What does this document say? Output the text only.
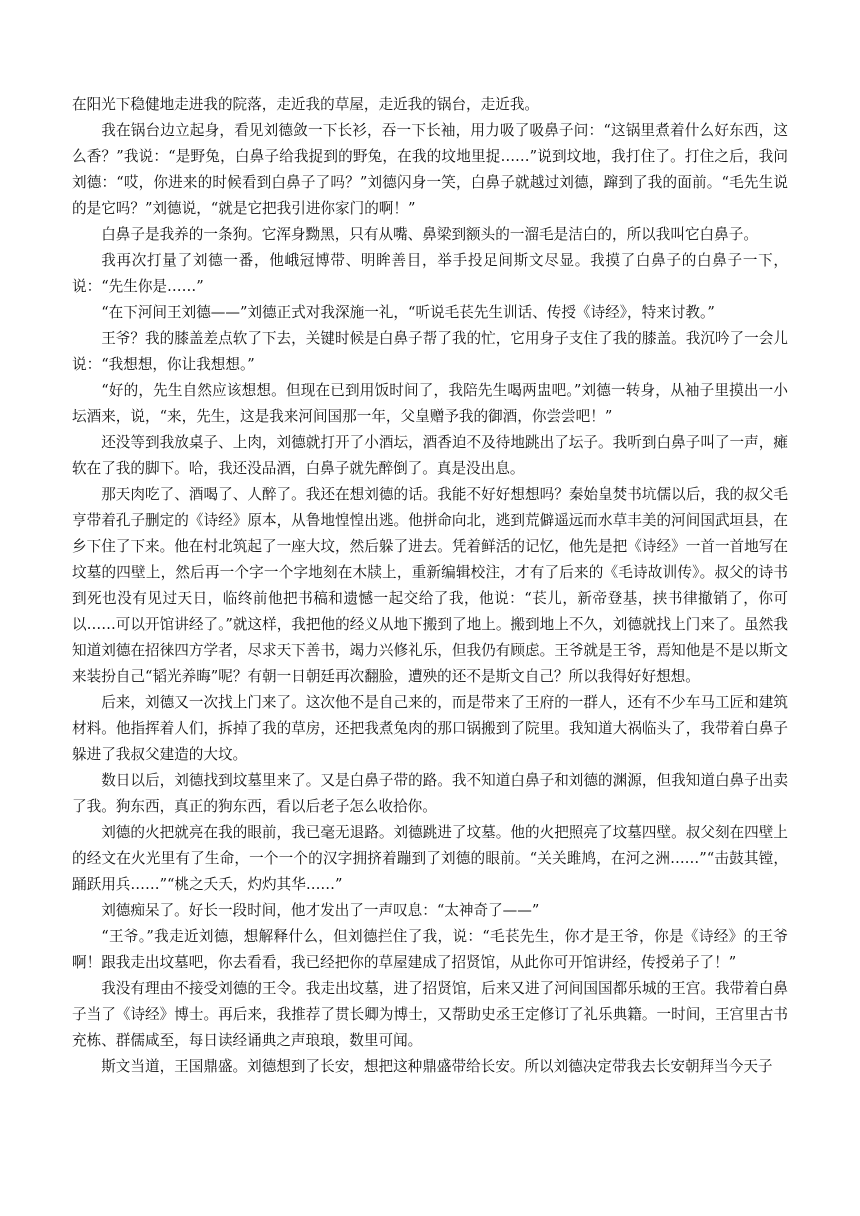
在阳光下稳健地走进我的院落，走近我的草屋，走近我的锅台，走近我。

我在锅台边立起身，看见刘德敛一下长衫，吞一下长袖，用力吸了吸鼻子问：“这锅里煮着什么好东西，这么香？”我说：“是野兔，白鼻子给我捉到的野兔，在我的坟地里捉……”说到坟地，我打住了。打住之后，我问刘德：“哎，你进来的时候看到白鼻子了吗？”刘德闪身一笑，白鼻子就越过刘德，蹿到了我的面前。“毛先生说的是它吗？”刘德说，“就是它把我引进你家门的啊！”

白鼻子是我养的一条狗。它浑身黝黑，只有从嘴、鼻梁到额头的一溜毛是洁白的，所以我叫它白鼻子。

我再次打量了刘德一番，他峨冠博带、明眸善目，举手投足间斯文尽显。我摸了白鼻子的白鼻子一下，说：“先生你是……”

“在下河间王刘德——”刘德正式对我深施一礼，“听说毛苌先生训话、传授《诗经》，特来讨教。”

王爷？我的膝盖差点软了下去，关键时候是白鼻子帮了我的忙，它用身子支住了我的膝盖。我沉吟了一会儿说：“我想想，你让我想想。”

“好的，先生自然应该想想。但现在已到用饭时间了，我陪先生喝两盅吧。”刘德一转身，从袖子里摸出一小坛酒来，说，“来，先生，这是我来河间国那一年，父皇赠予我的御酒，你尝尝吧！”

还没等到我放桌子、上肉，刘德就打开了小酒坛，酒香迫不及待地跳出了坛子。我听到白鼻子叫了一声，瘫软在了我的脚下。哈，我还没品酒，白鼻子就先醉倒了。真是没出息。

那天肉吃了、酒喝了、人醉了。我还在想刘德的话。我能不好好想想吗？秦始皇焚书坑儒以后，我的叔父毛亨带着孔子删定的《诗经》原本，从鲁地惶惶出逃。他拼命向北，逃到荒僻遥远而水草丰美的河间国武垣县，在乡下住了下来。他在村北筑起了一座大坟，然后躲了进去。凭着鲜活的记忆，他先是把《诗经》一首一首地写在坟墓的四壁上，然后再一个字一个字地刻在木牍上，重新编辑校注，才有了后来的《毛诗故训传》。叔父的诗书到死也没有见过天日，临终前他把书稿和遗憾一起交给了我，他说：“苌儿，新帝登基，挟书律撤销了，你可以……可以开馆讲经了。”就这样，我把他的经义从地下搬到了地上。搬到地上不久，刘德就找上门来了。虽然我知道刘德在招徕四方学者，尽求天下善书，竭力兴修礼乐，但我仍有顾虑。王爷就是王爷，焉知他是不是以斯文来装扮自己“韬光养晦”呢？有朝一日朝廷再次翻脸，遭殃的还不是斯文自己？所以我得好好想想。

后来，刘德又一次找上门来了。这次他不是自己来的，而是带来了王府的一群人，还有不少车马工匠和建筑材料。他指挥着人们，拆掉了我的草房，还把我煮兔肉的那口锅搬到了院里。我知道大祸临头了，我带着白鼻子躲进了我叔父建造的大坟。

数日以后，刘德找到坟墓里来了。又是白鼻子带的路。我不知道白鼻子和刘德的渊源，但我知道白鼻子出卖了我。狗东西，真正的狗东西，看以后老子怎么收拾你。

刘德的火把就亮在我的眼前，我已毫无退路。刘德跳进了坟墓。他的火把照亮了坟墓四壁。叔父刻在四壁上的经文在火光里有了生命，一个一个的汉字拥挤着蹦到了刘德的眼前。“关关雎鸠，在河之洲……”“击鼓其镗，踊跃用兵……”“桃之夭夭，灼灼其华……”

刘德痴呆了。好长一段时间，他才发出了一声叹息：“太神奇了——”

“王爷。”我走近刘德，想解释什么，但刘德拦住了我，说：“毛苌先生，你才是王爷，你是《诗经》的王爷啊！跟我走出坟墓吧，你去看看，我已经把你的草屋建成了招贤馆，从此你可开馆讲经，传授弟子了！”

我没有理由不接受刘德的王令。我走出坟墓，进了招贤馆，后来又进了河间国国都乐城的王宫。我带着白鼻子当了《诗经》博士。再后来，我推荐了贯长卿为博士，又帮助史丞王定修订了礼乐典籍。一时间，王宫里古书充栋、群儒咸至，每日读经诵典之声琅琅，数里可闻。

斯文当道，王国鼎盛。刘德想到了长安，想把这种鼎盛带给长安。所以刘德决定带我去长安朝拜当今天子
